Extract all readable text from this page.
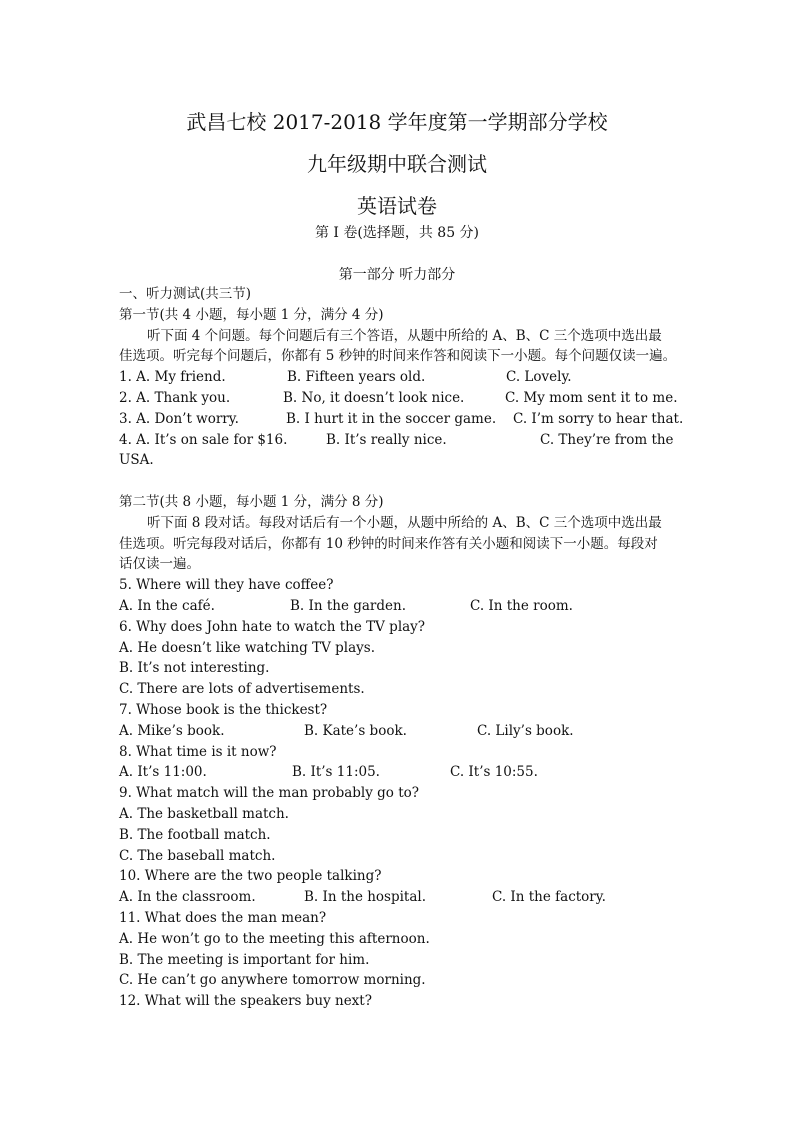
武昌七校 2017-2018 学年度第一学期部分学校
九年级期中联合测试
英语试卷
第 I 卷(选择题，共 85 分)
第一部分 听力部分
一、听力测试(共三节)
第一节(共 4 小题，每小题 1 分，满分 4 分)
听下面 4 个问题。每个问题后有三个答语，从题中所给的 A、B、C 三个选项中选出最
佳选项。听完每个问题后，你都有 5 秒钟的时间来作答和阅读下一小题。每个问题仅读一遍。
1. A. My friend.	B. Fifteen years old.	C. Lovely.
2. A. Thank you.	B. No, it doesn’t look nice.	C. My mom sent it to me.
3. A. Don’t worry.	B. I hurt it in the soccer game. C. I’m sorry to hear that.
4. A. It’s on sale for $16.	B. It’s really nice.	C. They’re from the
USA.
第二节(共 8 小题，每小题 1 分，满分 8 分)
听下面 8 段对话。每段对话后有一个小题，从题中所给的 A、B、C 三个选项中选出最
佳选项。听完每段对话后，你都有 10 秒钟的时间来作答有关小题和阅读下一小题。每段对
话仅读一遍。
5. Where will they have coffee?
A. In the café.	B. In the garden.	C. In the room.
6. Why does John hate to watch the TV play?
A. He doesn’t like watching TV plays.
B. It’s not interesting.
C. There are lots of advertisements.
7. Whose book is the thickest?
A. Mike’s book.	B. Kate’s book.	C. Lily’s book.
8. What time is it now?
A. It’s 11:00.	B. It’s 11:05.	C. It’s 10:55.
9. What match will the man probably go to?
A. The basketball match.
B. The football match.
C. The baseball match.
10. Where are the two people talking?
A. In the classroom.	B. In the hospital.	C. In the factory.
11. What does the man mean?
A. He won’t go to the meeting this afternoon.
B. The meeting is important for him.
C. He can’t go anywhere tomorrow morning.
12. What will the speakers buy next?
